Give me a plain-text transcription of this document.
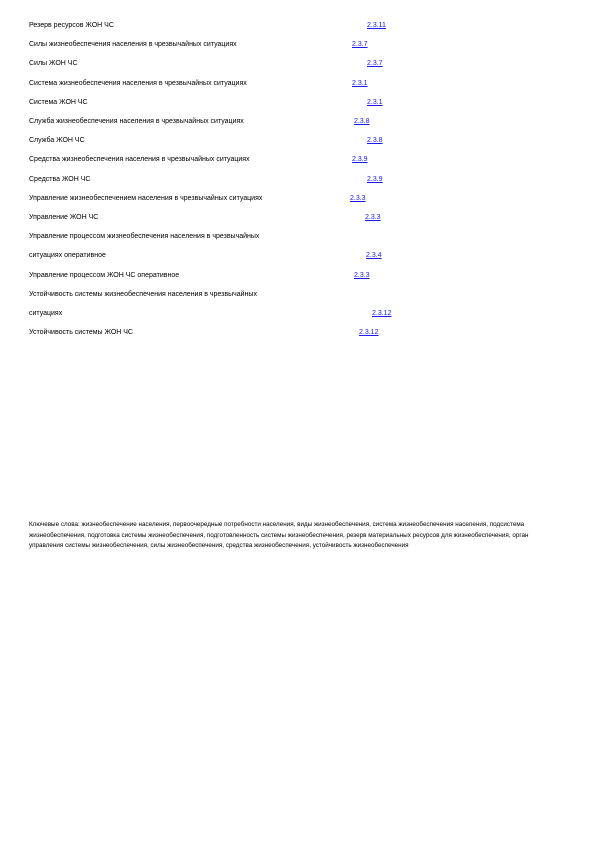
Резерв ресурсов ЖОН ЧС	2.3.11
Силы жизнеобеспечения населения в чрезвычайных ситуациях	2.3.7
Силы ЖОН ЧС	2.3.7
Система жизнеобеспечения населения в чрезвычайных ситуациях	2.3.1
Система ЖОН ЧС	2.3.1
Служба жизнеобеспечения населения в чрезвычайных ситуациях	2.3.8
Служба ЖОН ЧС	2.3.8
Средства жизнеобеспечения населения в чрезвычайных ситуациях	2.3.9
Средства ЖОН ЧС	2.3.9
Управление жизнеобеспечением населения в чрезвычайных ситуациях	2.3.3
Управление ЖОН ЧС	2.3.3
Управление процессом жизнеобеспечения населения в чрезвычайных
ситуациях оперативное	2.3.4
Управление процессом ЖОН ЧС оперативное	2.3.3
Устойчивость системы жизнеобеспечения населения в чрезвычайных
ситуациях	2.3.12
Устойчивость системы ЖОН ЧС	2.3.12

Ключевые слова: жизнеобеспечение населения, первоочередные потребности населения, виды жизнеобеспечения, система жизнеобеспечения населения, подсистема жизнеобеспечения, подготовка системы жизнеобеспечения, подготовленность системы жизнеобеспечения, резерв материальных ресурсов для жизнеобеспечения, орган управления системы жизнеобеспечения, силы жизнеобеспечения, средства жизнеобеспечения, устойчивость жизнеобеспечения
